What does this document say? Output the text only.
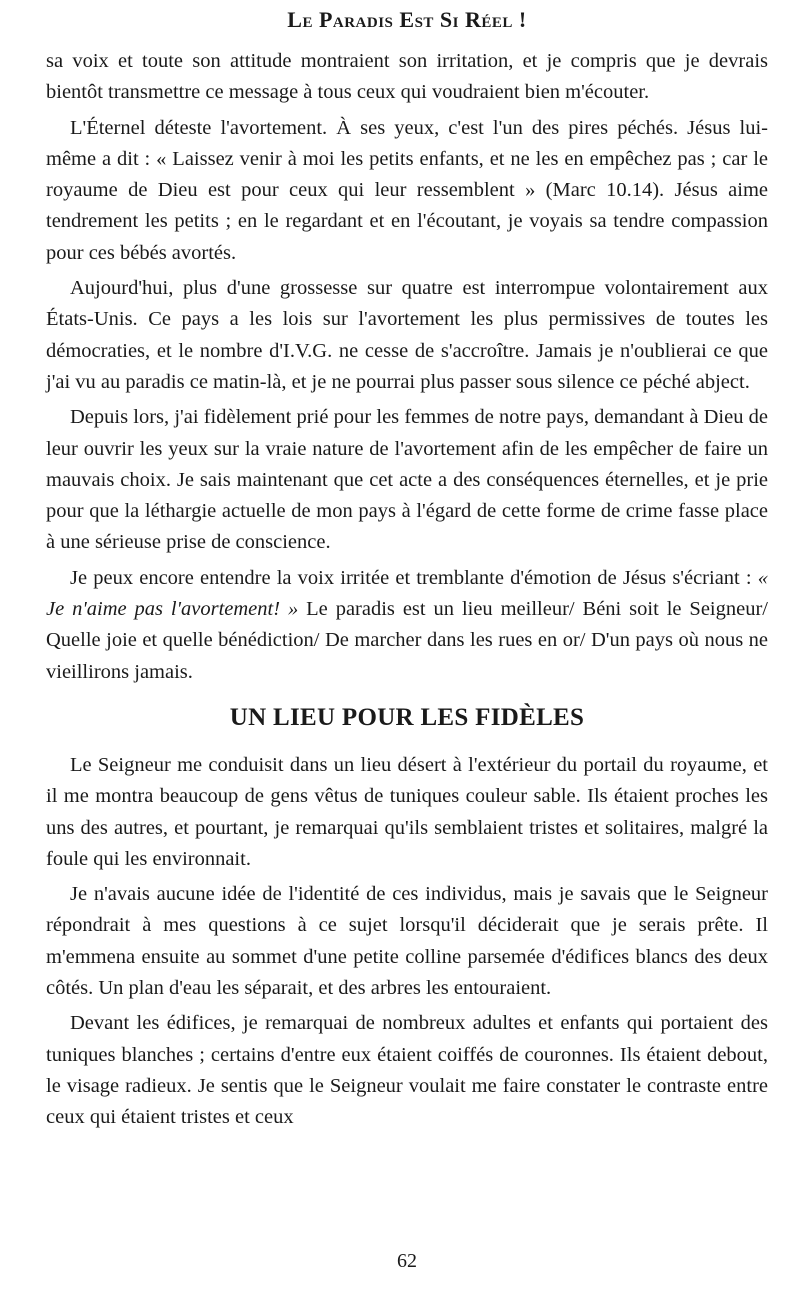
Le Paradis Est Si Réel !

sa voix et toute son attitude montraient son irritation, et je compris que je devrais bientôt transmettre ce message à tous ceux qui voudraient bien m'écouter.

L'Éternel déteste l'avortement. À ses yeux, c'est l'un des pires péchés. Jésus lui-même a dit : « Laissez venir à moi les petits enfants, et ne les en empêchez pas ; car le royaume de Dieu est pour ceux qui leur ressemblent » (Marc 10.14). Jésus aime tendrement les petits ; en le regardant et en l'écoutant, je voyais sa tendre compassion pour ces bébés avortés.

Aujourd'hui, plus d'une grossesse sur quatre est interrompue volontairement aux États-Unis. Ce pays a les lois sur l'avortement les plus permissives de toutes les démocraties, et le nombre d'I.V.G. ne cesse de s'accroître. Jamais je n'oublierai ce que j'ai vu au paradis ce matin-là, et je ne pourrai plus passer sous silence ce péché abject.

Depuis lors, j'ai fidèlement prié pour les femmes de notre pays, demandant à Dieu de leur ouvrir les yeux sur la vraie nature de l'avortement afin de les empêcher de faire un mauvais choix. Je sais maintenant que cet acte a des conséquences éternelles, et je prie pour que la léthargie actuelle de mon pays à l'égard de cette forme de crime fasse place à une sérieuse prise de conscience.

Je peux encore entendre la voix irritée et tremblante d'émotion de Jésus s'écriant : « Je n'aime pas l'avortement! » Le paradis est un lieu meilleur/ Béni soit le Seigneur/ Quelle joie et quelle bénédiction/ De marcher dans les rues en or/ D'un pays où nous ne vieillirons jamais.

UN LIEU POUR LES FIDÈLES

Le Seigneur me conduisit dans un lieu désert à l'extérieur du portail du royaume, et il me montra beaucoup de gens vêtus de tuniques couleur sable. Ils étaient proches les uns des autres, et pourtant, je remarquai qu'ils semblaient tristes et solitaires, malgré la foule qui les environnait.

Je n'avais aucune idée de l'identité de ces individus, mais je savais que le Seigneur répondrait à mes questions à ce sujet lorsqu'il déciderait que je serais prête. Il m'emmena ensuite au sommet d'une petite colline parsemée d'édifices blancs des deux côtés. Un plan d'eau les séparait, et des arbres les entouraient.

Devant les édifices, je remarquai de nombreux adultes et enfants qui portaient des tuniques blanches ; certains d'entre eux étaient coiffés de couronnes. Ils étaient debout, le visage radieux. Je sentis que le Seigneur voulait me faire constater le contraste entre ceux qui étaient tristes et ceux

62
